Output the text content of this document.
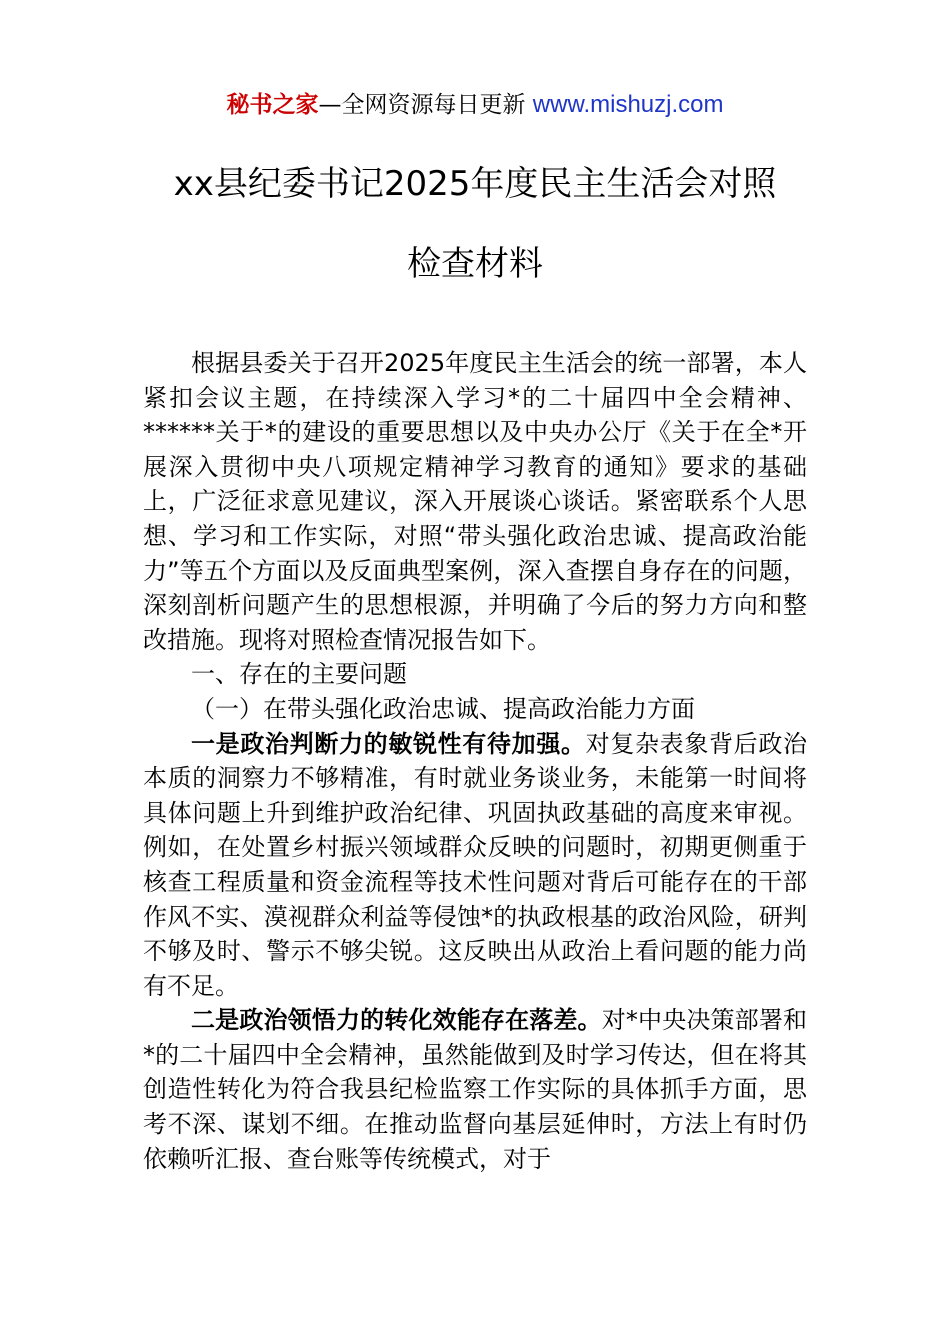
秘书之家—全网资源每日更新 www.mishuzj.com
xx县纪委书记2025年度民主生活会对照
检查材料

根据县委关于召开2025年度民主生活会的统一部署，本人紧扣会议主题，在持续深入学习*的二十届四中全会精神、******关于*的建设的重要思想以及中央办公厅《关于在全*开展深入贯彻中央八项规定精神学习教育的通知》要求的基础上，广泛征求意见建议，深入开展谈心谈话。紧密联系个人思想、学习和工作实际，对照“带头强化政治忠诚、提高政治能力”等五个方面以及反面典型案例，深入查摆自身存在的问题，深刻剖析问题产生的思想根源，并明确了今后的努力方向和整改措施。现将对照检查情况报告如下。

一、存在的主要问题

（一）在带头强化政治忠诚、提高政治能力方面

一是政治判断力的敏锐性有待加强。对复杂表象背后政治本质的洞察力不够精准，有时就业务谈业务，未能第一时间将具体问题上升到维护政治纪律、巩固执政基础的高度来审视。例如，在处置乡村振兴领域群众反映的问题时，初期更侧重于核查工程质量和资金流程等技术性问题对背后可能存在的干部作风不实、漠视群众利益等侵蚀*的执政根基的政治风险，研判不够及时、警示不够尖锐。这反映出从政治上看问题的能力尚有不足。

二是政治领悟力的转化效能存在落差。对*中央决策部署和*的二十届四中全会精神，虽然能做到及时学习传达，但在将其创造性转化为符合我县纪检监察工作实际的具体抓手方面，思考不深、谋划不细。在推动监督向基层延伸时，方法上有时仍依赖听汇报、查台账等传统模式，对于
